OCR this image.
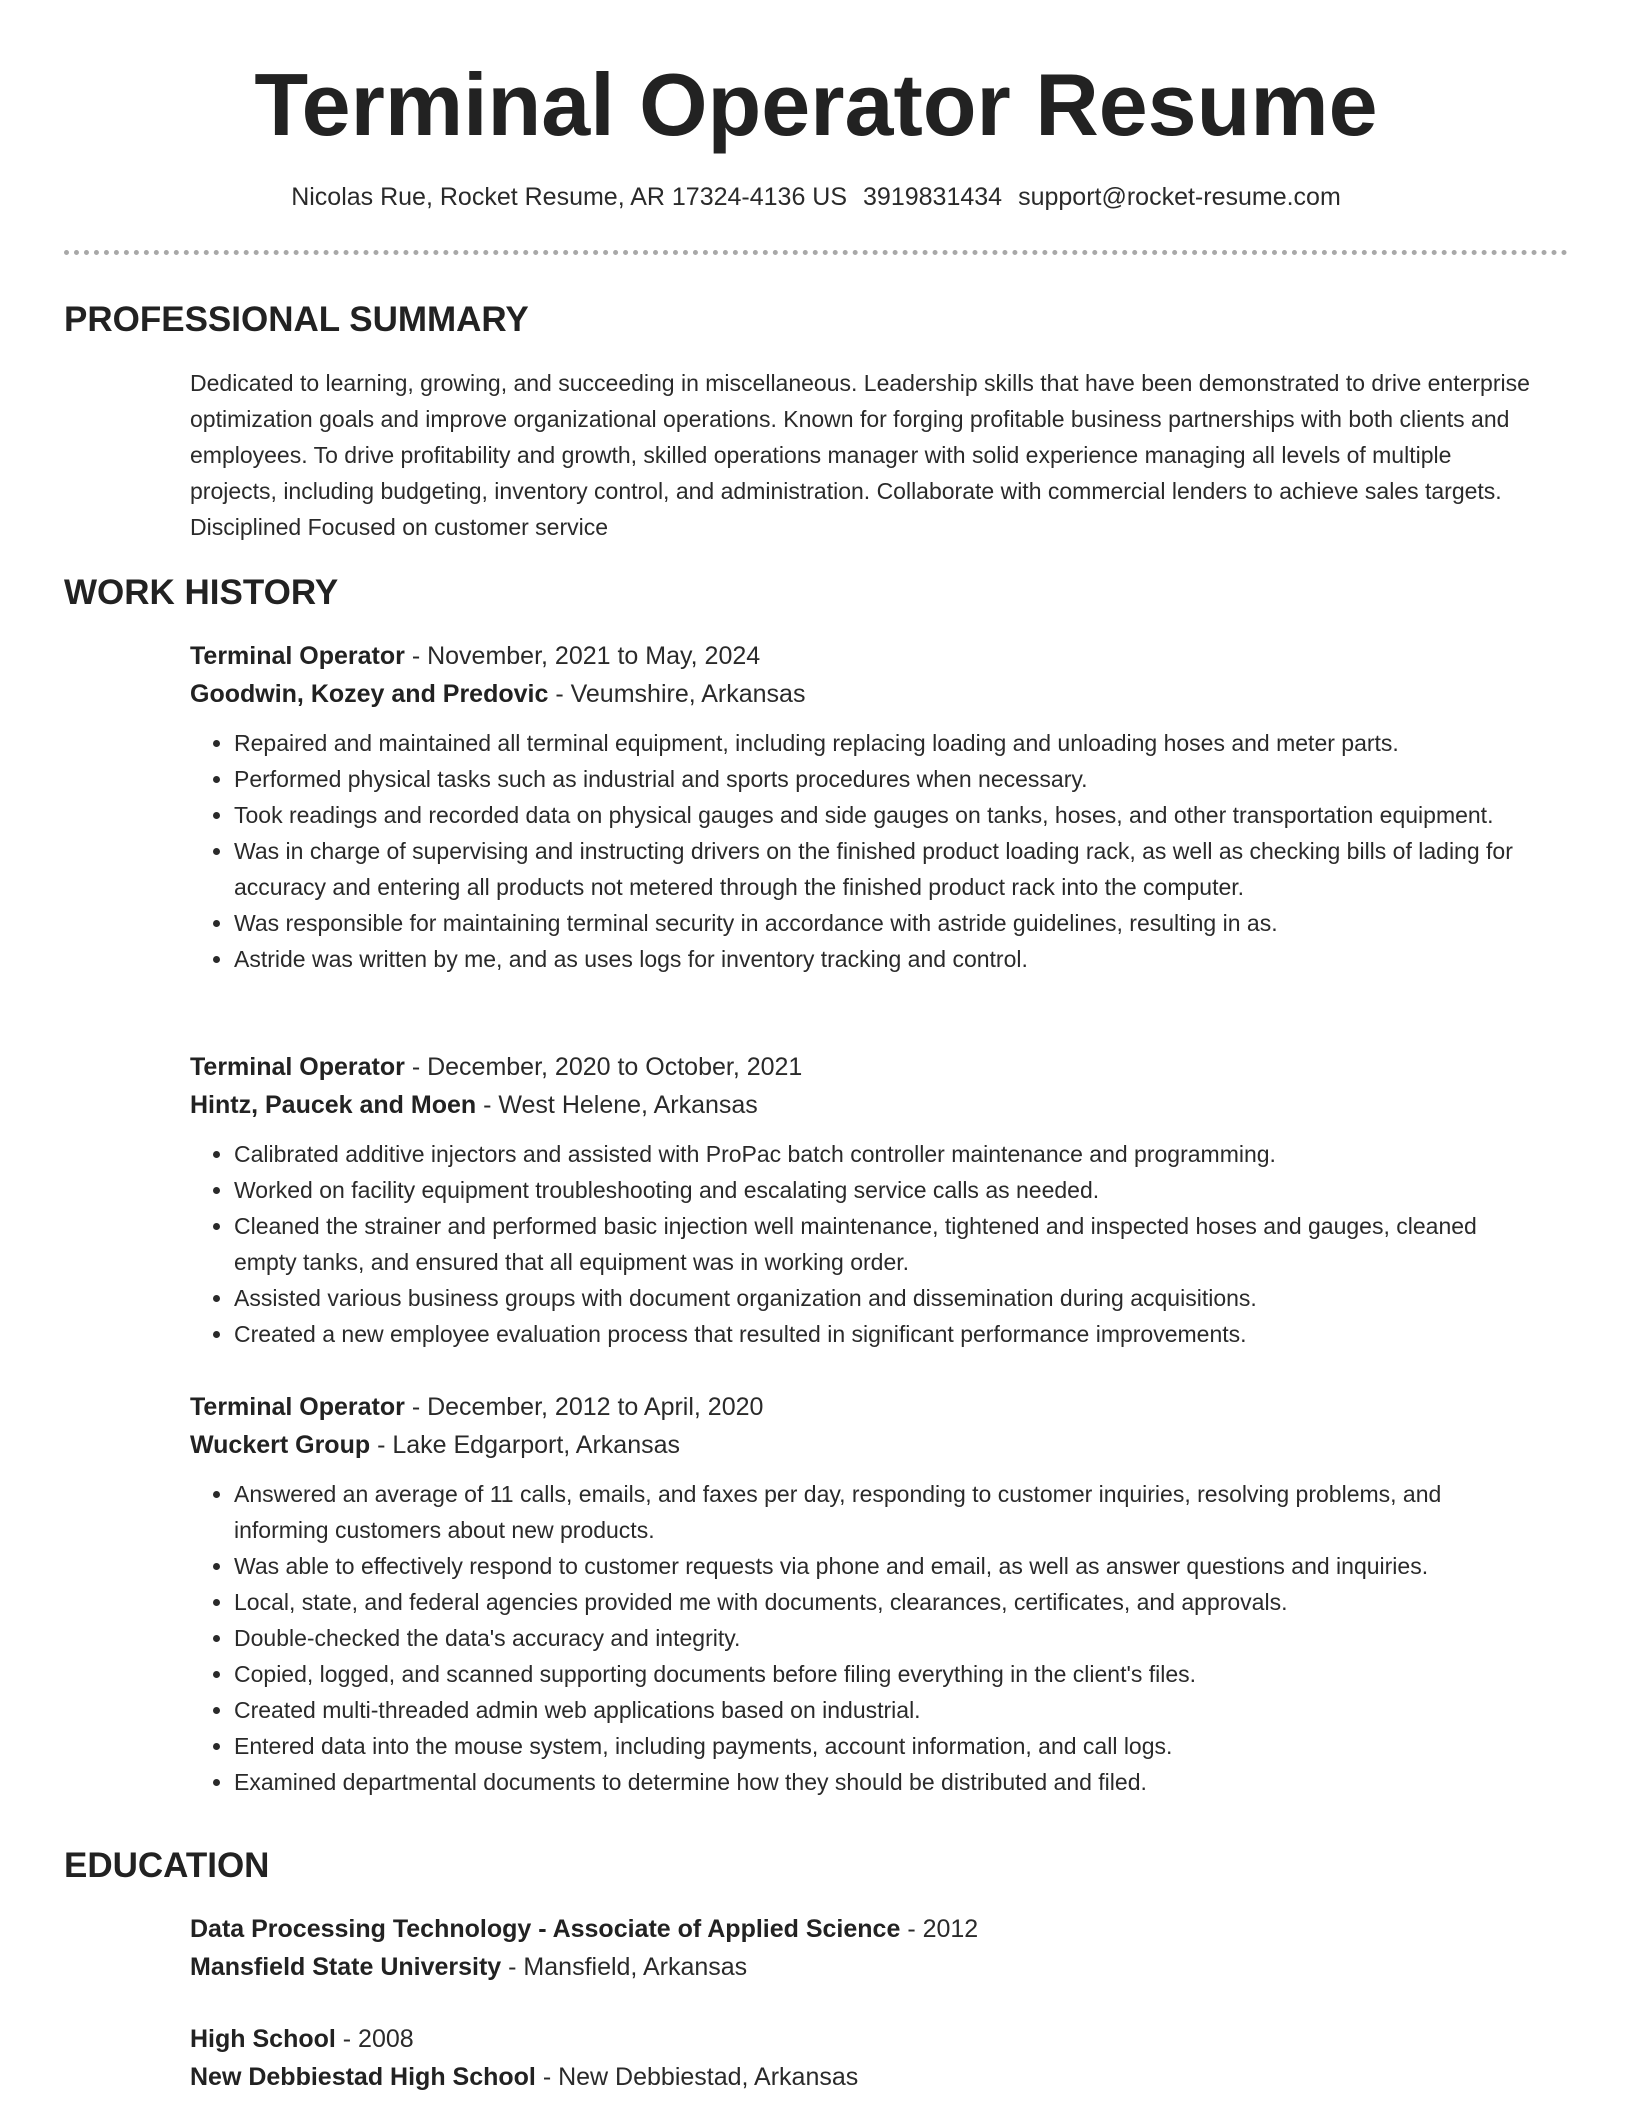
Terminal Operator Resume
Nicolas Rue, Rocket Resume, AR 17324-4136 US 3919831434 support@rocket-resume.com
PROFESSIONAL SUMMARY
Dedicated to learning, growing, and succeeding in miscellaneous. Leadership skills that have been demonstrated to drive enterprise optimization goals and improve organizational operations. Known for forging profitable business partnerships with both clients and employees. To drive profitability and growth, skilled operations manager with solid experience managing all levels of multiple projects, including budgeting, inventory control, and administration. Collaborate with commercial lenders to achieve sales targets. Disciplined Focused on customer service
WORK HISTORY
Terminal Operator - November, 2021 to May, 2024
Goodwin, Kozey and Predovic - Veumshire, Arkansas
• Repaired and maintained all terminal equipment, including replacing loading and unloading hoses and meter parts.
• Performed physical tasks such as industrial and sports procedures when necessary.
• Took readings and recorded data on physical gauges and side gauges on tanks, hoses, and other transportation equipment.
• Was in charge of supervising and instructing drivers on the finished product loading rack, as well as checking bills of lading for accuracy and entering all products not metered through the finished product rack into the computer.
• Was responsible for maintaining terminal security in accordance with astride guidelines, resulting in as.
• Astride was written by me, and as uses logs for inventory tracking and control.
Terminal Operator - December, 2020 to October, 2021
Hintz, Paucek and Moen - West Helene, Arkansas
• Calibrated additive injectors and assisted with ProPac batch controller maintenance and programming.
• Worked on facility equipment troubleshooting and escalating service calls as needed.
• Cleaned the strainer and performed basic injection well maintenance, tightened and inspected hoses and gauges, cleaned empty tanks, and ensured that all equipment was in working order.
• Assisted various business groups with document organization and dissemination during acquisitions.
• Created a new employee evaluation process that resulted in significant performance improvements.
Terminal Operator - December, 2012 to April, 2020
Wuckert Group - Lake Edgarport, Arkansas
• Answered an average of 11 calls, emails, and faxes per day, responding to customer inquiries, resolving problems, and informing customers about new products.
• Was able to effectively respond to customer requests via phone and email, as well as answer questions and inquiries.
• Local, state, and federal agencies provided me with documents, clearances, certificates, and approvals.
• Double-checked the data's accuracy and integrity.
• Copied, logged, and scanned supporting documents before filing everything in the client's files.
• Created multi-threaded admin web applications based on industrial.
• Entered data into the mouse system, including payments, account information, and call logs.
• Examined departmental documents to determine how they should be distributed and filed.
EDUCATION
Data Processing Technology - Associate of Applied Science - 2012
Mansfield State University - Mansfield, Arkansas
High School - 2008
New Debbiestad High School - New Debbiestad, Arkansas
